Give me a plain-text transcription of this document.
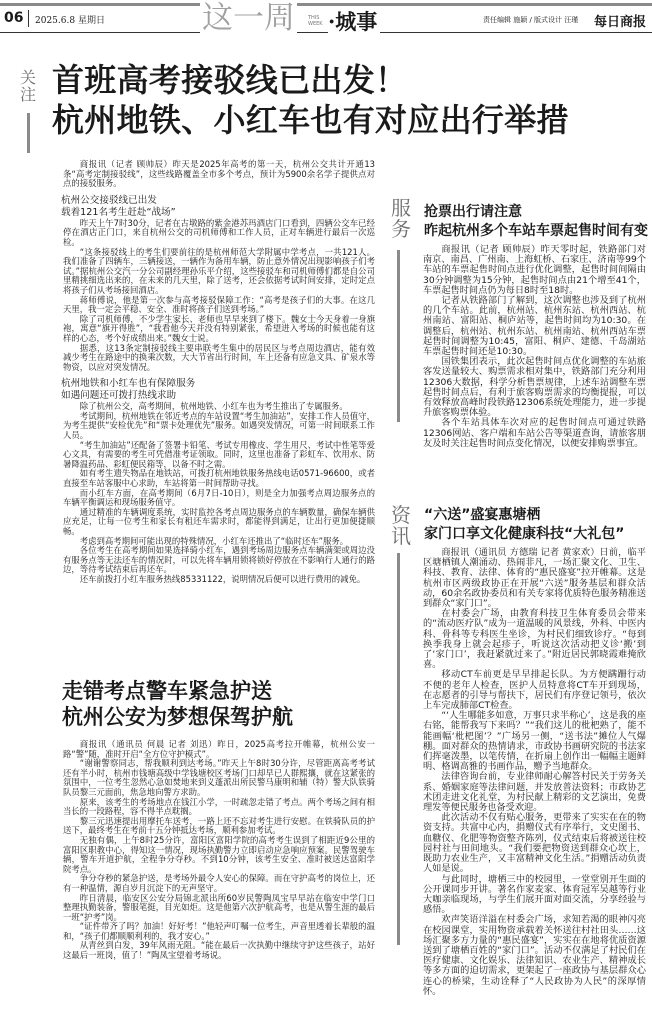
06 2025.6.8 星期日	这一周	THIS WEEK ·城事	责任编辑 施颖 / 版式设计 汪瑾 每日商报
关注 首班高考接驳线已出发！
杭州地铁、小红车也有对应出行举措

商报讯（记者 顾帅辰）昨天是2025年高考的第一天，杭州公交共计开通13条“高考定制接驳线”，这些线路覆盖全市多个考点，预计为5900余名学子提供点对点的接驳服务。

杭州公交接驳线已出发
载着121名考生赶赴“战场”

昨天上午7时30分，记者在古墩路的紫金港苏玛酒店门口看到，四辆公交车已经停在酒店正门口，来自杭州公交的司机师傅和工作人员，正对车辆进行最后一次巡检。

“这条接驳线上的考生们要前往的是杭州师范大学附属中学考点，一共121人。我们准备了四辆车，三辆接送，一辆作为备用车辆，防止意外情况出现影响孩子们考试。”据杭州公交汽一分公司副经理孙乐平介绍，这些接驳车和司机师傅们都是自公司里精挑细选出来的，在未来的几天里，除了送考，还会依据考试时间安排，定时定点将孩子们从考场接回酒店。

蒋师傅说，他是第一次参与高考接驳保障工作：“高考是孩子们的大事。在这几天里，我一定会平稳、安全、准时将孩子们送到考场。”

除了司机师傅，不少学生家长、老师也早早来到了楼下。魏女士今天身着一身旗袍，寓意“旗开得胜”，“我看他今天并没有特别紧张，希望进入考场的时候也能有这样的心态，考个好成绩出来。”魏女士说。

据悉，这13条定制接驳线主要串联考生集中的居民区与考点周边酒店，能有效减少考生在路途中的换乘次数，大大节省出行时间，车上还备有应急文具、矿泉水等物资，以应对突发情况。

杭州地铁和小红车也有保障服务
如遇问题还可拨打热线求助

除了杭州公交，高考期间，杭州地铁、小红车也为考生推出了专属服务。

考试期间，杭州地铁在邻近考点的车站设置“考生加油站”，安排工作人员值守，为考生提供“安检优先”和“票卡处理优先”服务。如遇突发情况，可第一时间联系工作人员。

“考生加油站”还配备了签署卡铅笔、考试专用橡皮、学生用尺、考试中性笔等爱心文具，有需要的考生可凭借准考证领取。同时，这里也准备了彩虹车、饮用水、防暑降温药品、彩虹便民箱等，以备不时之需。

如有考生遗失物品在地铁站，可拨打杭州地铁服务热线电话0571-96600，或者直接至车站客服中心求助，车站将第一时间帮助寻找。

而小红车方面，在高考期间（6月7日-10日），则是全力加强考点周边服务点的车辆平衡调运和现场服务值守。

通过精准的车辆调度系统，实时监控各考点周边服务点的车辆数量，确保车辆供应充足，让每一位考生和家长有租还车需求时，都能得到满足，让出行更加便捷顺畅。

考虑到高考期间可能出现的特殊情况，小红车还推出了“临时还车”服务。

各位考生在高考期间如果选择骑小红车，遇到考场周边服务点车辆满架或周边没有服务点等无法还车的情况时，可以先将车辆用锁将锁好停放在不影响行人通行的路边，等待考试结束后再还车。

还车前拨打小红车服务热线85331122，说明情况后便可以进行费用的减免。

走错考点警车紧急护送
杭州公安为梦想保驾护航

商报讯（通讯员 何晨 记者 刘迅）昨日，2025高考拉开帷幕，杭州公安一路“警”随，准时开启“全方位守护模式”。

“谢谢警察同志，帮我顺利到达考场。”昨天上午8时30分许，尽管距离高考考试还有半小时，杭州市钱塘高级中学钱塘校区考场门口却早已人群熙攘，就在这紧张的氛围中，一位考生忽然心急如焚地来到义蓬派出所民警马康明和辅（特）警大队铁骑队员黎三元面前，焦急地向警方求助。

原来，该考生的考场地点在钱江小学，一时疏忽走错了考点。两个考场之间有相当长的一段路程，容不得半点耽搁。

黎三元迅速提出用摩托车送考，一路上还不忘对考生进行安慰。在铁骑队员的护送下，最终考生在考前十五分钟抵达考场，顺利参加考试。

无独有偶，上午8时25分许，富阳区富阳学院的高考考生误到了相距近9公里的富阳区职教中心，得知这一情况，现场执勤警力立即启动应急响应预案。民警驾驶车辆，警车开道护航，全程争分夺秒。不到10分钟，该考生安全、准时被送达富阳学院考点。

争分夺秒的紧急护送，是考场外最令人安心的保障。而在守护高考的岗位上，还有一种温情，源自岁月沉淀下的无声坚守。

昨日清晨，临安区公安分局锦北派出所60岁民警陶凤宝早早站在临安中学门口整理执勤装备，警服笔挺，目光如炬。这是他第六次护航高考，也是从警生涯的最后一班“护考”岗。

“证件带齐了吗？加油！好好考！”他轻声叮嘱一位考生，声音里透着长辈般的温和，“孩子们都顺顺利利的，我才安心。”

从青丝到白发，39年风雨无阻。“能在最后一次执勤中继续守护这些孩子，站好这最后一班岗，值了！”陶凤宝望着考场说。

服务
抢票出行请注意
昨起杭州多个车站车票起售时间有变

商报讯（记者 顾帅辰）昨天零时起，铁路部门对南京、南昌、广州南、上海虹桥、石家庄、济南等99个车站的车票起售时间点进行优化调整，起售时间间隔由30分钟调整为15分钟，起售时间点由21个增至41个，车票起售时间点仍为每日8时至18时。

记者从铁路部门了解到，这次调整也涉及到了杭州的几个车站。此前，杭州站、杭州东站、杭州西站、杭州南站、富阳站、桐庐站等，起售时间均为10:30。在调整后，杭州站、杭州东站、杭州南站、杭州西站车票起售时间调整为10:45，富阳、桐庐、建德、千岛湖站车票起售时间还是10:30。

国铁集团表示，此次起售时间点优化调整的车站旅客发送量较大、购票需求相对集中，铁路部门充分利用12306大数据，科学分析售票规律，上述车站调整车票起售时间点后，有利于旅客购票需求的均衡提报，可以有效释放高峰时段铁路12306系统处理能力，进一步提升旅客购票体验。

各个车站具体车次对应的起售时间点可通过铁路12306网站、客户端和车站公告等渠道查询，请旅客朋友及时关注起售时间点变化情况，以便安排购票事宜。

资讯
“六送”盛宴惠塘栖
家门口享文化健康科技“大礼包”

商报讯（通讯员 方德瑞 记者 黄家欢）日前，临平区塘栖镇人潮涌动、热闹非凡，一场汇聚文化、卫生、科技、教育、法律、体育的“惠民盛宴”拉开帷幕。这是杭州市区两级政协正在开展“六送”服务基层和群众活动，60余名政协委员和有关专家将优质特色服务精准送到群众“家门口”。

在村委会广场，由教育科技卫生体育委员会带来的“流动医疗队”成为一道温暖的风景线，外科、中医内科、骨科等专科医生坐诊，为村民们细致诊疗。“每到换季我身上就会起疹子，听说这次活动把义诊‘搬’到了‘家门口’，我赶紧就过来了。”附近居民郭晓霞难掩欣喜。

移动CT车前更是早早排起长队。为方便蹒跚行动不便的老年人检查，医护人员特意将CT车开到现场，在志愿者的引导与帮扶下，居民们有序登记领号，依次上车完成肺部CT检查。

“‘人生哪能多如意，万事只求半称心’，这是我的座右铭，能帮我写下来吗？”“我们这儿的枇杷熟了，能不能画幅‘枇杷图’？”广场另一侧，“送书法”摊位人气爆棚。面对群众的热情请求，市政协书画研究院的书法家们挥毫泼墨，以笔传情，在折扇上创作出一幅幅主题鲜明、格调高雅的书画作品，赠予当地群众。

法律咨询台前，专业律师耐心解答村民关于劳务关系、婚姻家庭等法律问题，并发放普法资料；市政协艺术团走进文化礼堂，为村民献上精彩的文艺演出，免费理发等便民服务也备受欢迎。

此次活动不仅有贴心服务，更带来了实实在在的物资支持。共富中心内，捐赠仪式有序举行，文史图书、血糖仪、化肥等物资整齐陈列，仪式结束后将被送往校园村社与田间地头。“我们要把物资送到群众心坎上，既助力农业生产，又丰富精神文化生活。”捐赠活动负责人如是说。

与此同时，塘栖三中的校园里，一堂堂别开生面的公开课同步开讲。著名作家麦家、体育冠军吴越等行业大咖亲临现场，与学生们展开面对面交流，分享经验与感悟。

欢声笑语洋溢在村委会广场，求知若渴的眼神闪亮在校园课堂，实用物资承载着关怀送往村社田头……这场汇聚多方力量的“惠民盛宴”，实实在在地将优质资源送到了塘栖百姓的“家门口”。活动不仅满足了村民们在医疗健康、文化娱乐、法律知识、农业生产、精神成长等多方面的迫切需求，更架起了一座政协与基层群众心连心的桥梁，生动诠释了“人民政协为人民”的深厚情怀。
